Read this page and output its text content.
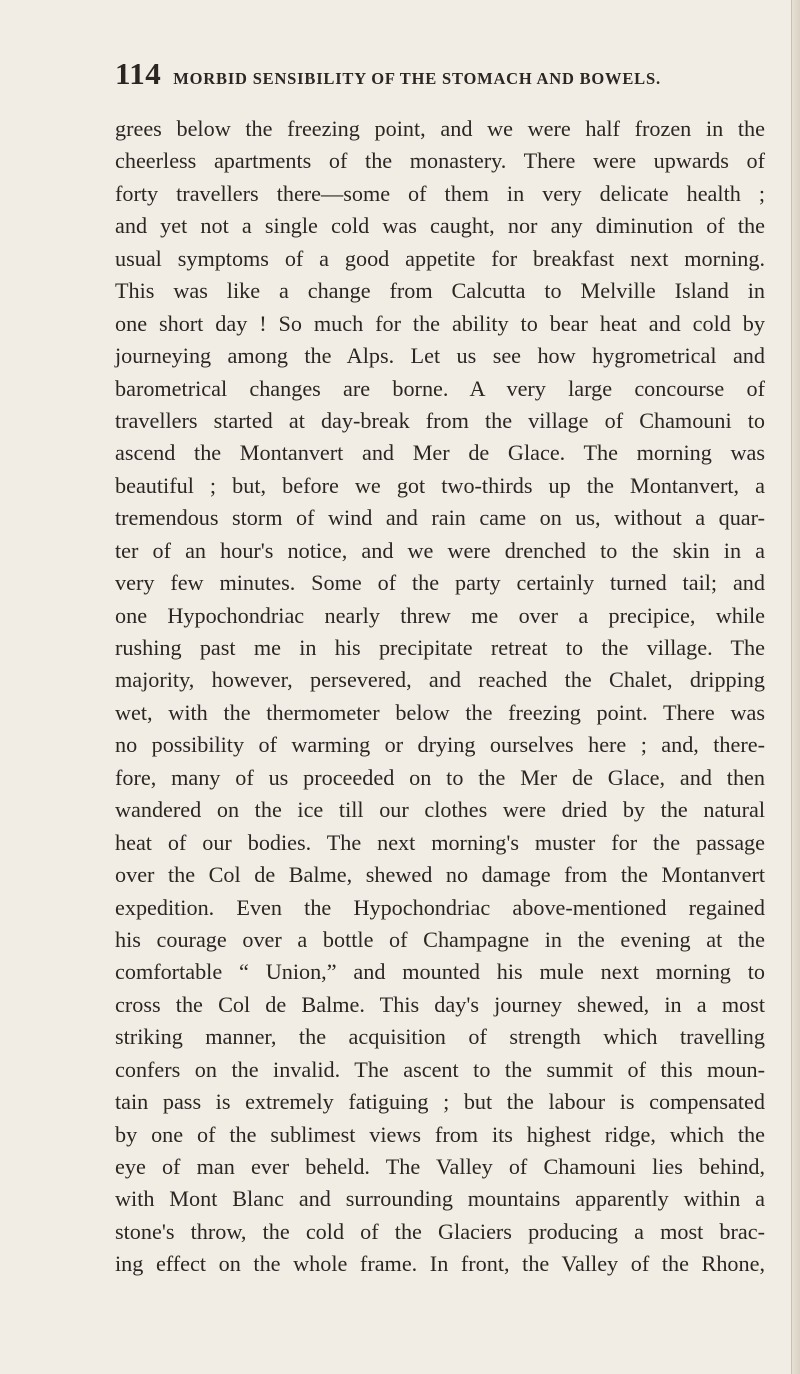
114 MORBID SENSIBILITY OF THE STOMACH AND BOWELS.
grees below the freezing point, and we were half frozen in the
cheerless apartments of the monastery. There were upwards of
forty travellers there—some of them in very delicate health ;
and yet not a single cold was caught, nor any diminution of the
usual symptoms of a good appetite for breakfast next morning.
This was like a change from Calcutta to Melville Island in
one short day ! So much for the ability to bear heat and cold by
journeying among the Alps. Let us see how hygrometrical and
barometrical changes are borne. A very large concourse of
travellers started at day-break from the village of Chamouni to
ascend the Montanvert and Mer de Glace. The morning was
beautiful ; but, before we got two-thirds up the Montanvert, a
tremendous storm of wind and rain came on us, without a quar-
ter of an hour's notice, and we were drenched to the skin in a
very few minutes. Some of the party certainly turned tail; and
one Hypochondriac nearly threw me over a precipice, while
rushing past me in his precipitate retreat to the village. The
majority, however, persevered, and reached the Chalet, dripping
wet, with the thermometer below the freezing point. There was
no possibility of warming or drying ourselves here ; and, there-
fore, many of us proceeded on to the Mer de Glace, and then
wandered on the ice till our clothes were dried by the natural
heat of our bodies. The next morning's muster for the passage
over the Col de Balme, shewed no damage from the Montanvert
expedition. Even the Hypochondriac above-mentioned regained
his courage over a bottle of Champagne in the evening at the
comfortable “ Union,” and mounted his mule next morning to
cross the Col de Balme. This day's journey shewed, in a most
striking manner, the acquisition of strength which travelling
confers on the invalid. The ascent to the summit of this moun-
tain pass is extremely fatiguing ; but the labour is compensated
by one of the sublimest views from its highest ridge, which the
eye of man ever beheld. The Valley of Chamouni lies behind,
with Mont Blanc and surrounding mountains apparently within a
stone's throw, the cold of the Glaciers producing a most brac-
ing effect on the whole frame. In front, the Valley of the Rhone,
